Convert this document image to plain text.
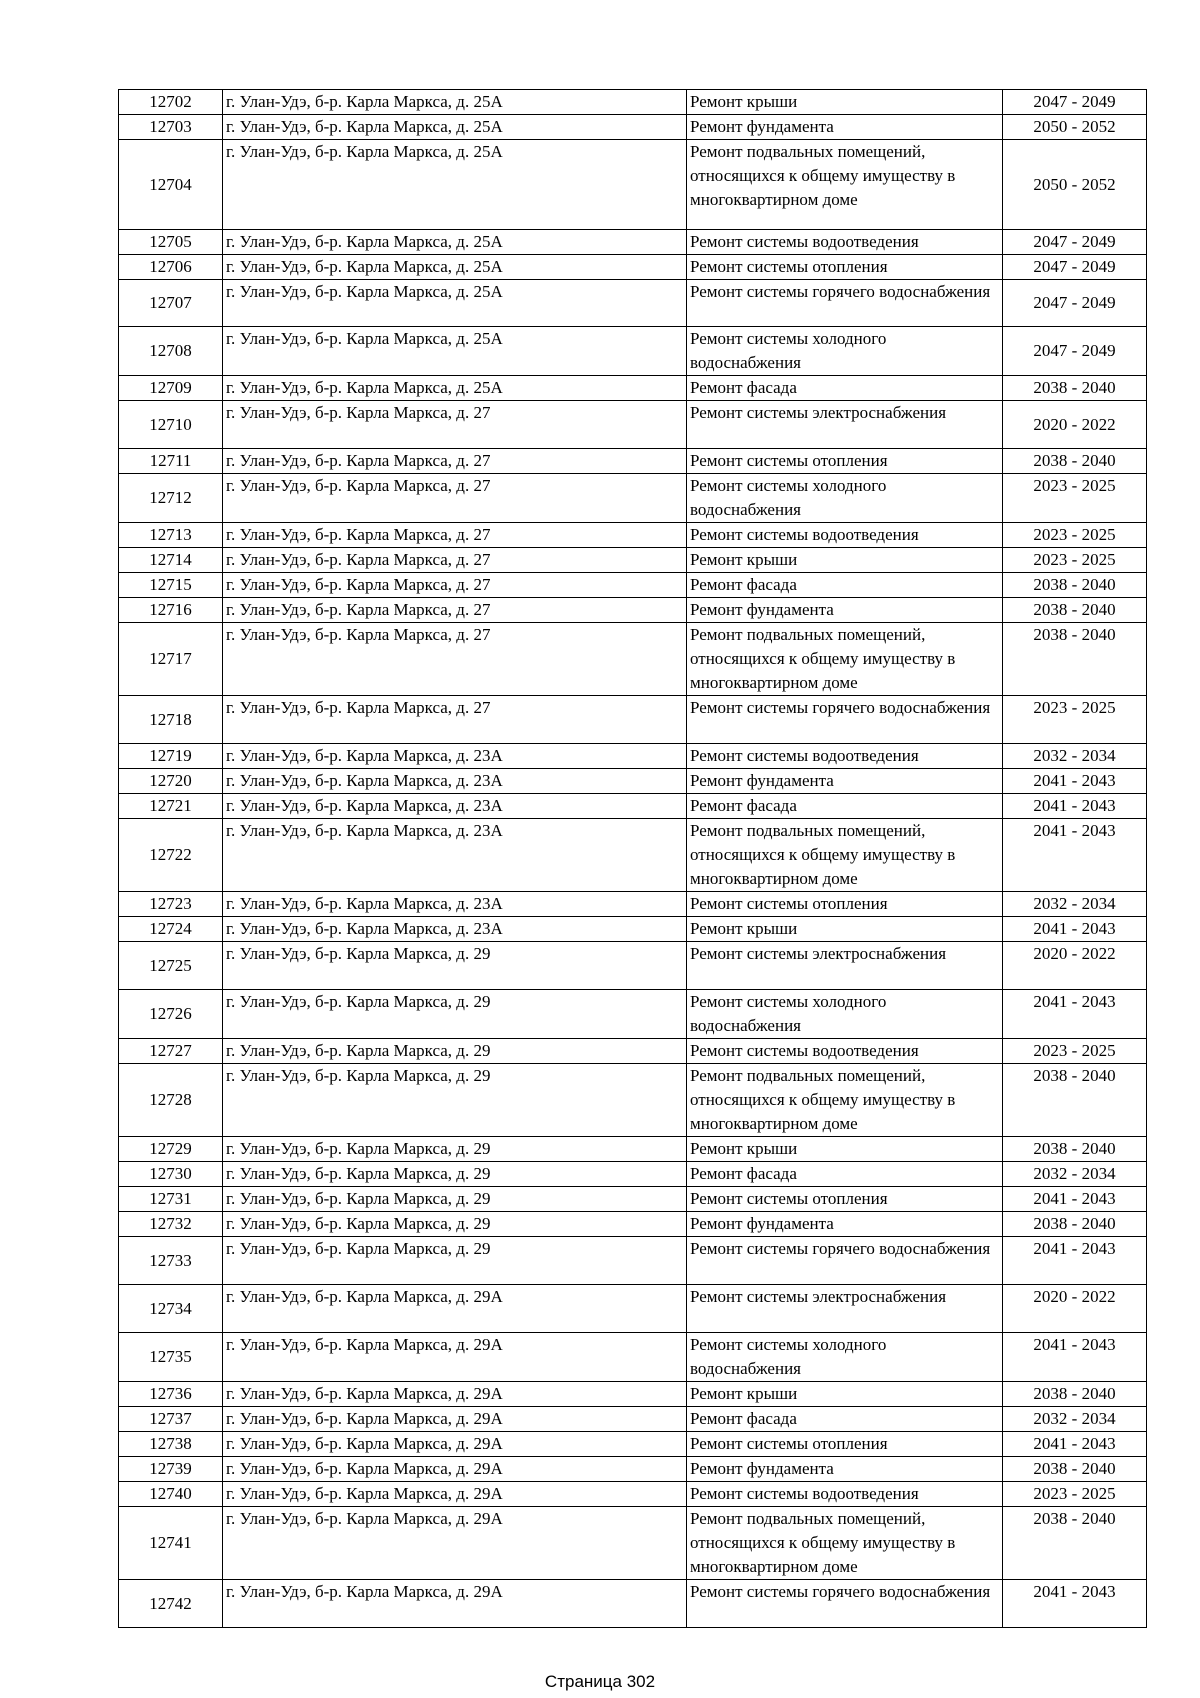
12702	г. Улан-Удэ, б-р. Карла Маркса, д. 25А	Ремонт крыши	2047 - 2049
12703	г. Улан-Удэ, б-р. Карла Маркса, д. 25А	Ремонт фундамента	2050 - 2052
12704	г. Улан-Удэ, б-р. Карла Маркса, д. 25А	Ремонт подвальных помещений, относящихся к общему имуществу в многоквартирном доме	2050 - 2052
12705	г. Улан-Удэ, б-р. Карла Маркса, д. 25А	Ремонт системы водоотведения	2047 - 2049
12706	г. Улан-Удэ, б-р. Карла Маркса, д. 25А	Ремонт системы отопления	2047 - 2049
12707	г. Улан-Удэ, б-р. Карла Маркса, д. 25А	Ремонт системы горячего водоснабжения	2047 - 2049
12708	г. Улан-Удэ, б-р. Карла Маркса, д. 25А	Ремонт системы холодного водоснабжения	2047 - 2049
12709	г. Улан-Удэ, б-р. Карла Маркса, д. 25А	Ремонт фасада	2038 - 2040
12710	г. Улан-Удэ, б-р. Карла Маркса, д. 27	Ремонт системы электроснабжения	2020 - 2022
12711	г. Улан-Удэ, б-р. Карла Маркса, д. 27	Ремонт системы отопления	2038 - 2040
12712	г. Улан-Удэ, б-р. Карла Маркса, д. 27	Ремонт системы холодного водоснабжения	2023 - 2025
12713	г. Улан-Удэ, б-р. Карла Маркса, д. 27	Ремонт системы водоотведения	2023 - 2025
12714	г. Улан-Удэ, б-р. Карла Маркса, д. 27	Ремонт крыши	2023 - 2025
12715	г. Улан-Удэ, б-р. Карла Маркса, д. 27	Ремонт фасада	2038 - 2040
12716	г. Улан-Удэ, б-р. Карла Маркса, д. 27	Ремонт фундамента	2038 - 2040
12717	г. Улан-Удэ, б-р. Карла Маркса, д. 27	Ремонт подвальных помещений, относящихся к общему имуществу в многоквартирном доме	2038 - 2040
12718	г. Улан-Удэ, б-р. Карла Маркса, д. 27	Ремонт системы горячего водоснабжения	2023 - 2025
12719	г. Улан-Удэ, б-р. Карла Маркса, д. 23А	Ремонт системы водоотведения	2032 - 2034
12720	г. Улан-Удэ, б-р. Карла Маркса, д. 23А	Ремонт фундамента	2041 - 2043
12721	г. Улан-Удэ, б-р. Карла Маркса, д. 23А	Ремонт фасада	2041 - 2043
12722	г. Улан-Удэ, б-р. Карла Маркса, д. 23А	Ремонт подвальных помещений, относящихся к общему имуществу в многоквартирном доме	2041 - 2043
12723	г. Улан-Удэ, б-р. Карла Маркса, д. 23А	Ремонт системы отопления	2032 - 2034
12724	г. Улан-Удэ, б-р. Карла Маркса, д. 23А	Ремонт крыши	2041 - 2043
12725	г. Улан-Удэ, б-р. Карла Маркса, д. 29	Ремонт системы электроснабжения	2020 - 2022
12726	г. Улан-Удэ, б-р. Карла Маркса, д. 29	Ремонт системы холодного водоснабжения	2041 - 2043
12727	г. Улан-Удэ, б-р. Карла Маркса, д. 29	Ремонт системы водоотведения	2023 - 2025
12728	г. Улан-Удэ, б-р. Карла Маркса, д. 29	Ремонт подвальных помещений, относящихся к общему имуществу в многоквартирном доме	2038 - 2040
12729	г. Улан-Удэ, б-р. Карла Маркса, д. 29	Ремонт крыши	2038 - 2040
12730	г. Улан-Удэ, б-р. Карла Маркса, д. 29	Ремонт фасада	2032 - 2034
12731	г. Улан-Удэ, б-р. Карла Маркса, д. 29	Ремонт системы отопления	2041 - 2043
12732	г. Улан-Удэ, б-р. Карла Маркса, д. 29	Ремонт фундамента	2038 - 2040
12733	г. Улан-Удэ, б-р. Карла Маркса, д. 29	Ремонт системы горячего водоснабжения	2041 - 2043
12734	г. Улан-Удэ, б-р. Карла Маркса, д. 29А	Ремонт системы электроснабжения	2020 - 2022
12735	г. Улан-Удэ, б-р. Карла Маркса, д. 29А	Ремонт системы холодного водоснабжения	2041 - 2043
12736	г. Улан-Удэ, б-р. Карла Маркса, д. 29А	Ремонт крыши	2038 - 2040
12737	г. Улан-Удэ, б-р. Карла Маркса, д. 29А	Ремонт фасада	2032 - 2034
12738	г. Улан-Удэ, б-р. Карла Маркса, д. 29А	Ремонт системы отопления	2041 - 2043
12739	г. Улан-Удэ, б-р. Карла Маркса, д. 29А	Ремонт фундамента	2038 - 2040
12740	г. Улан-Удэ, б-р. Карла Маркса, д. 29А	Ремонт системы водоотведения	2023 - 2025
12741	г. Улан-Удэ, б-р. Карла Маркса, д. 29А	Ремонт подвальных помещений, относящихся к общему имуществу в многоквартирном доме	2038 - 2040
12742	г. Улан-Удэ, б-р. Карла Маркса, д. 29А	Ремонт системы горячего водоснабжения	2041 - 2043
Страница 302
